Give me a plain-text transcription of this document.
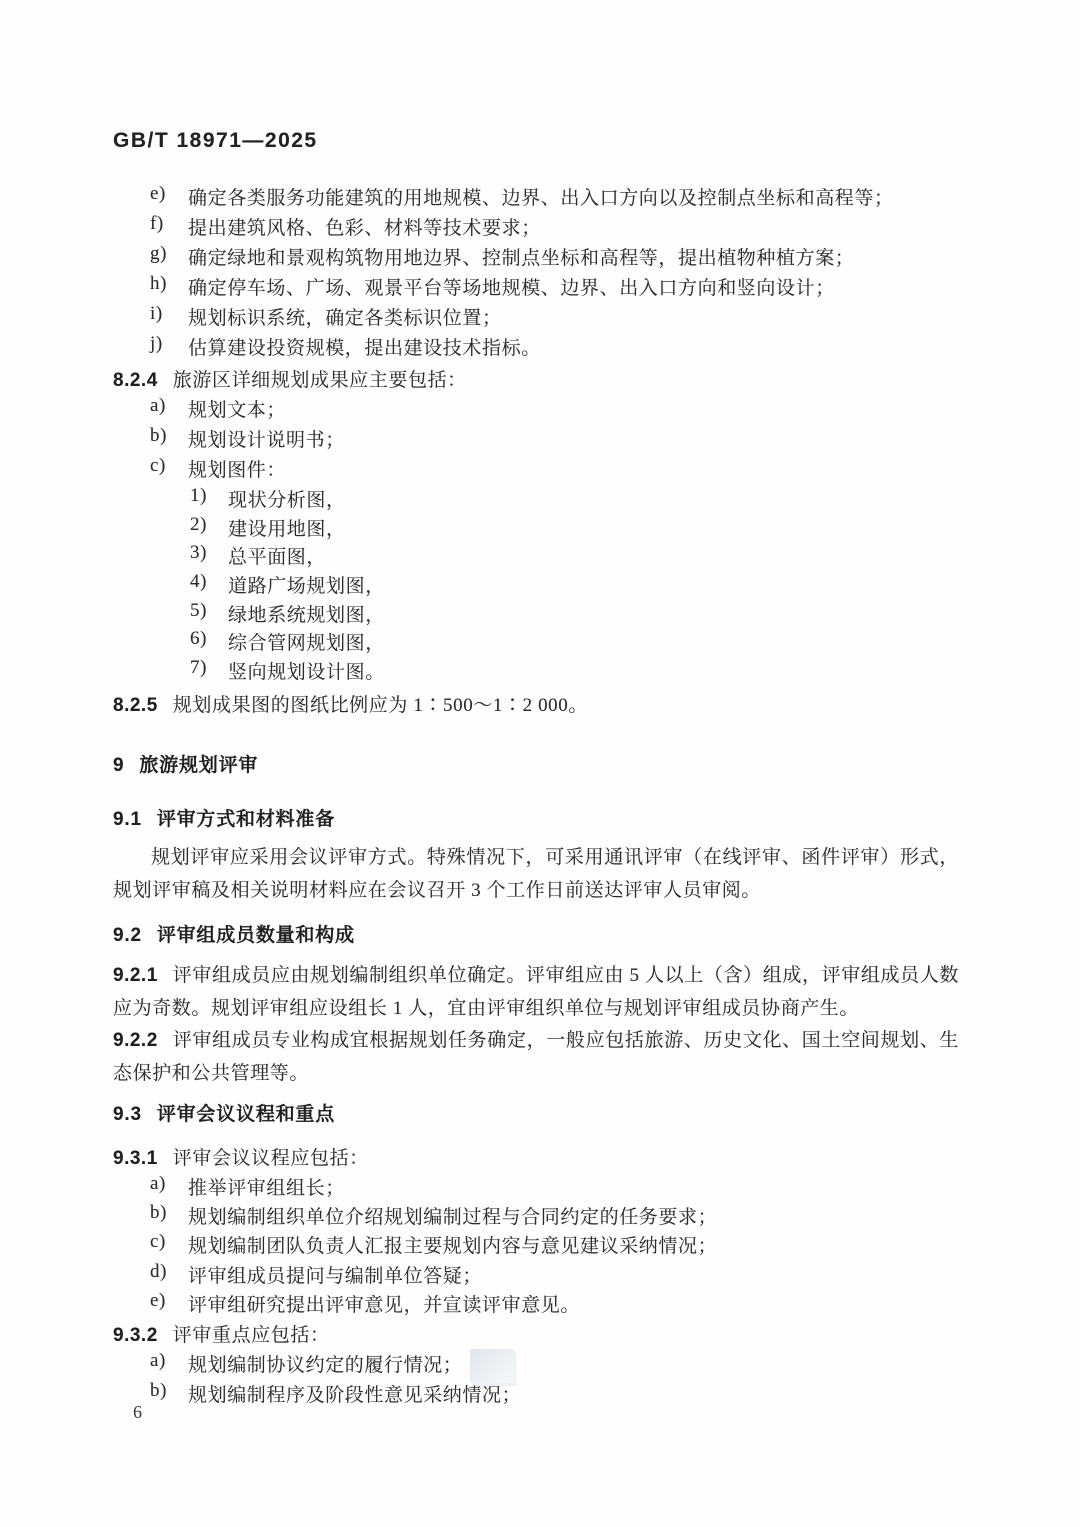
GB/T 18971—2025
e)	确定各类服务功能建筑的用地规模、边界、出入口方向以及控制点坐标和高程等；
f)	提出建筑风格、色彩、材料等技术要求；
g)	确定绿地和景观构筑物用地边界、控制点坐标和高程等，提出植物种植方案；
h)	确定停车场、广场、观景平台等场地规模、边界、出入口方向和竖向设计；
i)	规划标识系统，确定各类标识位置；
j)	估算建设投资规模，提出建设技术指标。
8.2.4 旅游区详细规划成果应主要包括：
a)	规划文本；
b)	规划设计说明书；
c)	规划图件：
1)	现状分析图，
2)	建设用地图，
3)	总平面图，
4)	道路广场规划图，
5)	绿地系统规划图，
6)	综合管网规划图，
7)	竖向规划设计图。
8.2.5 规划成果图的图纸比例应为 1∶500～1∶2 000。
9 旅游规划评审
9.1 评审方式和材料准备
规划评审应采用会议评审方式。特殊情况下，可采用通讯评审（在线评审、函件评审）形式，规划评审稿及相关说明材料应在会议召开 3 个工作日前送达评审人员审阅。
9.2 评审组成员数量和构成
9.2.1 评审组成员应由规划编制组织单位确定。评审组应由 5 人以上（含）组成，评审组成员人数应为奇数。规划评审组应设组长 1 人，宜由评审组织单位与规划评审组成员协商产生。
9.2.2 评审组成员专业构成宜根据规划任务确定，一般应包括旅游、历史文化、国土空间规划、生态保护和公共管理等。
9.3 评审会议议程和重点
9.3.1 评审会议议程应包括：
a)	推举评审组组长；
b)	规划编制组织单位介绍规划编制过程与合同约定的任务要求；
c)	规划编制团队负责人汇报主要规划内容与意见建议采纳情况；
d)	评审组成员提问与编制单位答疑；
e)	评审组研究提出评审意见，并宣读评审意见。
9.3.2 评审重点应包括：
a)	规划编制协议约定的履行情况；
b)	规划编制程序及阶段性意见采纳情况；
6
